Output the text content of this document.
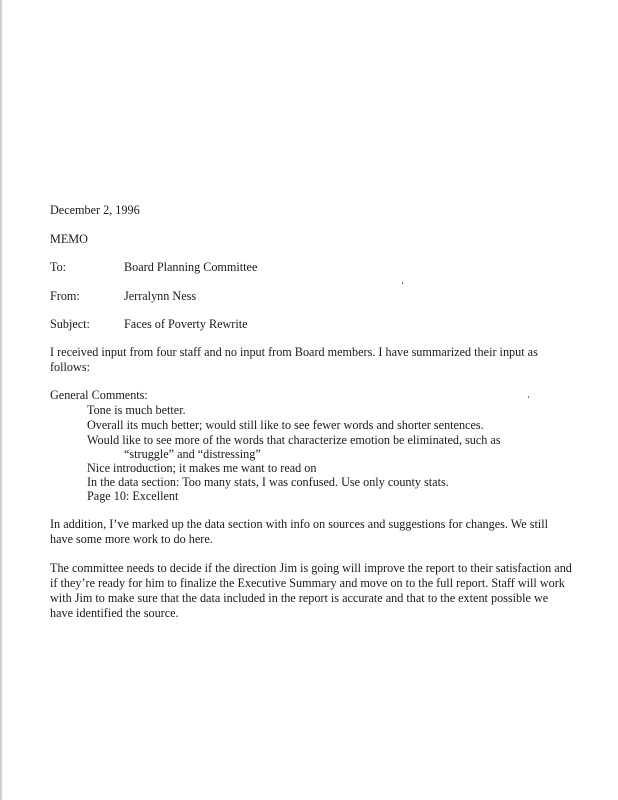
December 2, 1996
MEMO
To:	Board Planning Committee
From:	Jerralynn Ness
Subject:	Faces of Poverty Rewrite
I received input from four staff and no input from Board members. I have summarized their input as
follows:
General Comments:
Tone is much better.
Overall its much better; would still like to see fewer words and shorter sentences.
Would like to see more of the words that characterize emotion be eliminated, such as
“struggle” and “distressing”
Nice introduction; it makes me want to read on
In the data section: Too many stats, I was confused. Use only county stats.
Page 10: Excellent
In addition, I’ve marked up the data section with info on sources and suggestions for changes. We still
have some more work to do here.
The committee needs to decide if the direction Jim is going will improve the report to their satisfaction and
if they’re ready for him to finalize the Executive Summary and move on to the full report. Staff will work
with Jim to make sure that the data included in the report is accurate and that to the extent possible we
have identified the source.
